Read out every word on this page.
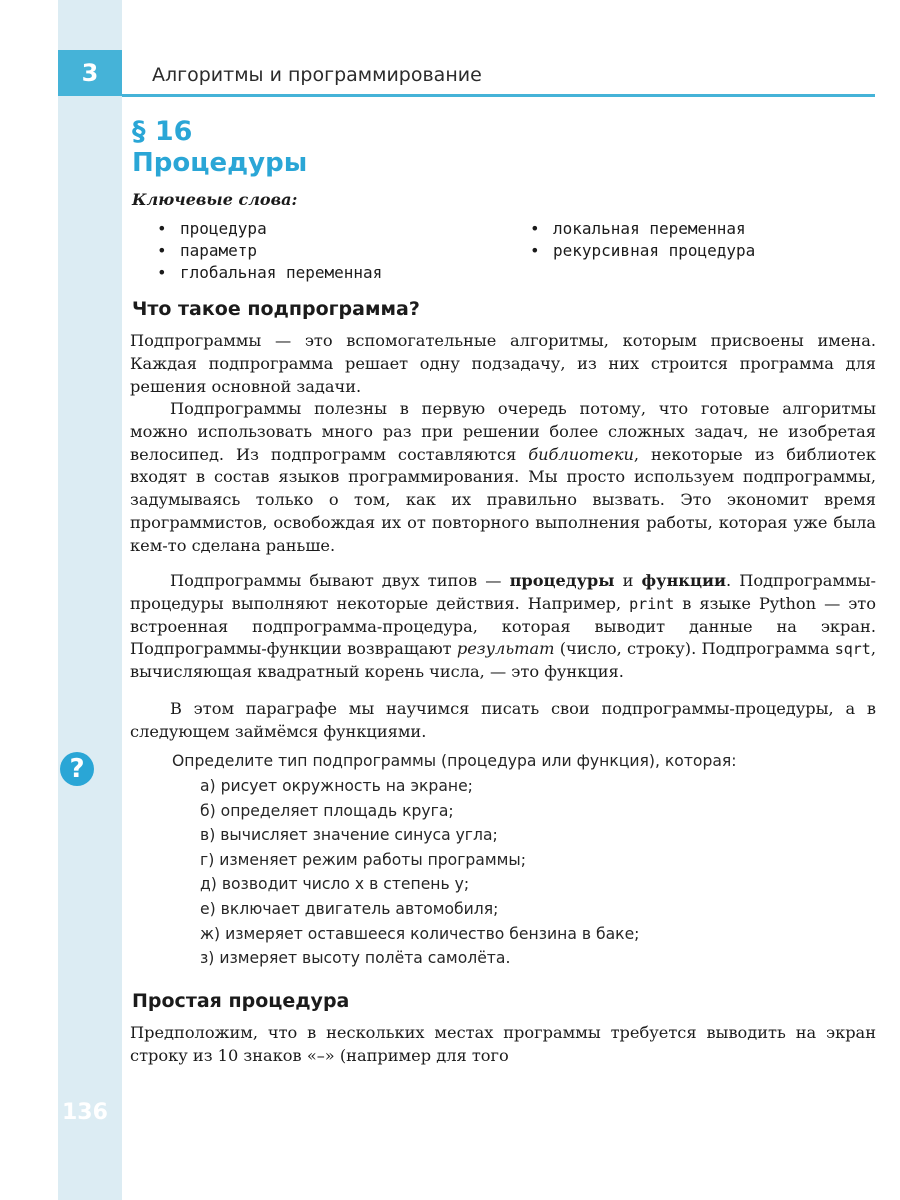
3	Алгоритмы и программирование
§ 16
Процедуры
Ключевые слова:
• процедура
• параметр
• глобальная переменная
• локальная переменная
• рекурсивная процедура
Что такое подпрограмма?

Подпрограммы — это вспомогательные алгоритмы, которым присвоены имена. Каждая подпрограмма решает одну подзадачу, из них строится программа для решения основной задачи.

Подпрограммы полезны в первую очередь потому, что готовые алгоритмы можно использовать много раз при решении более сложных задач, не изобретая велосипед. Из подпрограмм составляются библиотеки, некоторые из библиотек входят в состав языков программирования. Мы просто используем подпрограммы, задумываясь только о том, как их правильно вызвать. Это экономит время программистов, освобождая их от повторного выполнения работы, которая уже была кем-то сделана раньше.

Подпрограммы бывают двух типов — процедуры и функции. Подпрограммы-процедуры выполняют некоторые действия. Например, print в языке Python — это встроенная подпрограмма-процедура, которая выводит данные на экран. Подпрограммы-функции возвращают результат (число, строку). Подпрограмма sqrt, вычисляющая квадратный корень числа, — это функция.

В этом параграфе мы научимся писать свои подпрограммы-процедуры, а в следующем займёмся функциями.

?	Определите тип подпрограммы (процедура или функция), которая:
а) рисует окружность на экране;
б) определяет площадь круга;
в) вычисляет значение синуса угла;
г) изменяет режим работы программы;
д) возводит число x в степень y;
е) включает двигатель автомобиля;
ж) измеряет оставшееся количество бензина в баке;
з) измеряет высоту полёта самолёта.
Простая процедура

Предположим, что в нескольких местах программы требуется выводить на экран строку из 10 знаков «–» (например для того

136
